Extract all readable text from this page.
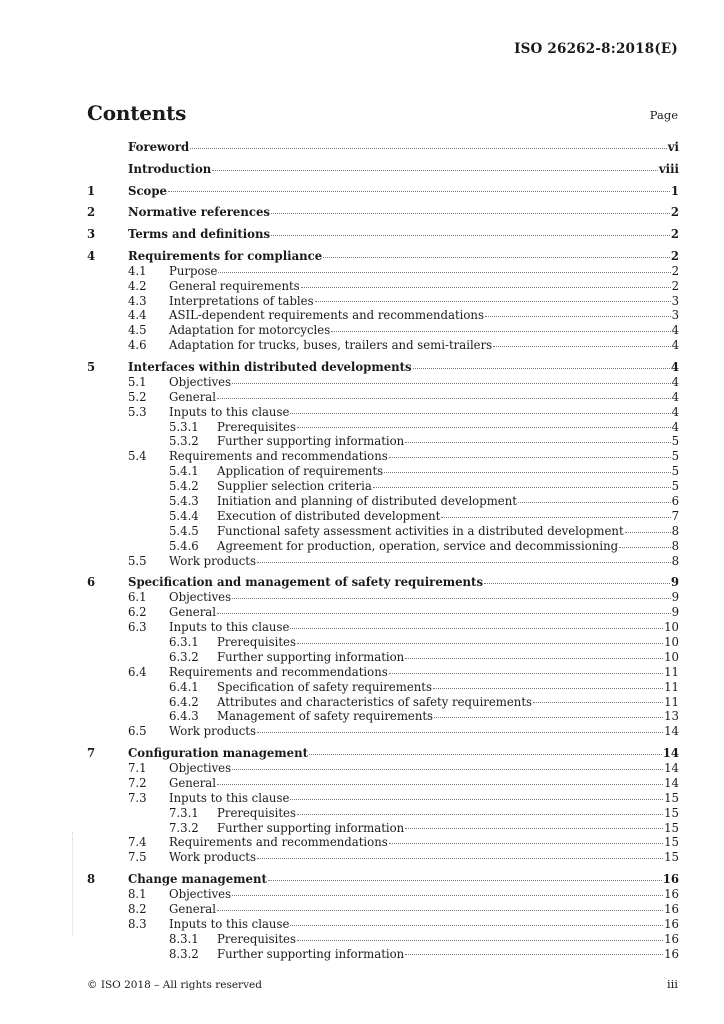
ISO 26262-8:2018(E)
Contents	Page
Foreword	vi
Introduction	viii
1	Scope	1
2	Normative references	2
3	Terms and definitions	2
4	Requirements for compliance	2
4.1	Purpose	2
4.2	General requirements	2
4.3	Interpretations of tables	3
4.4	ASIL-dependent requirements and recommendations	3
4.5	Adaptation for motorcycles	4
4.6	Adaptation for trucks, buses, trailers and semi-trailers	4
5	Interfaces within distributed developments	4
5.1	Objectives	4
5.2	General	4
5.3	Inputs to this clause	4
5.3.1	Prerequisites	4
5.3.2	Further supporting information	5
5.4	Requirements and recommendations	5
5.4.1	Application of requirements	5
5.4.2	Supplier selection criteria	5
5.4.3	Initiation and planning of distributed development	6
5.4.4	Execution of distributed development	7
5.4.5	Functional safety assessment activities in a distributed development	8
5.4.6	Agreement for production, operation, service and decommissioning	8
5.5	Work products	8
6	Specification and management of safety requirements	9
6.1	Objectives	9
6.2	General	9
6.3	Inputs to this clause	10
6.3.1	Prerequisites	10
6.3.2	Further supporting information	10
6.4	Requirements and recommendations	11
6.4.1	Specification of safety requirements	11
6.4.2	Attributes and characteristics of safety requirements	11
6.4.3	Management of safety requirements	13
6.5	Work products	14
7	Configuration management	14
7.1	Objectives	14
7.2	General	14
7.3	Inputs to this clause	15
7.3.1	Prerequisites	15
7.3.2	Further supporting information	15
7.4	Requirements and recommendations	15
7.5	Work products	15
8	Change management	16
8.1	Objectives	16
8.2	General	16
8.3	Inputs to this clause	16
8.3.1	Prerequisites	16
8.3.2	Further supporting information	16
© ISO 2018 – All rights reserved	iii
